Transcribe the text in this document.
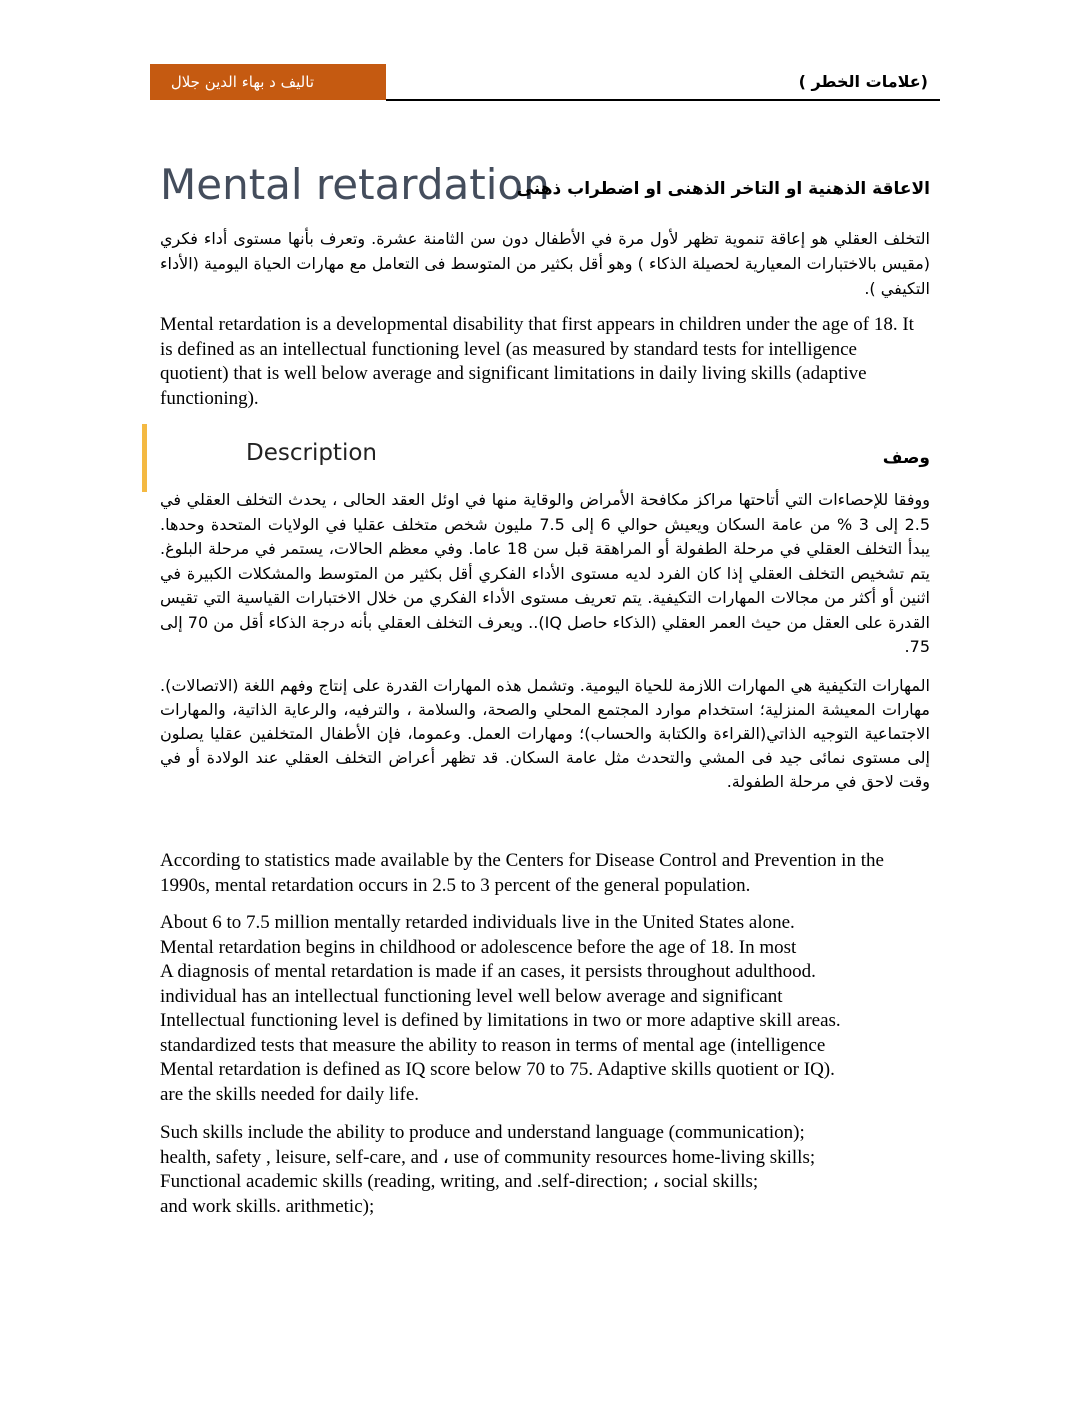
تاليف د بهاء الدين جلال	(علامات الخطر )
Mental retardation
الاعاقة الذهنية او التاخر الذهنى او اضطراب ذهنى

التخلف العقلي هو إعاقة تنموية تظهر لأول مرة في الأطفال دون سن الثامنة عشرة. وتعرف بأنها مستوى أداء فكري (مقيس بالاختبارات المعيارية لحصيلة الذكاء ) وهو أقل بكثير من المتوسط فى التعامل مع مهارات الحياة اليومية (الأداء التكيفي ).

Mental retardation is a developmental disability that first appears in children under the age of 18. It is defined as an intellectual functioning level (as measured by standard tests for intelligence quotient) that is well below average and significant limitations in daily living skills (adaptive functioning).

Description	وصف

ووفقا للإحصاءات التي أتاحتها مراكز مكافحة الأمراض والوقاية منها في اوئل العقد الحالى ، يحدث التخلف العقلي في 2.5 إلى 3 % من عامة السكان ويعيش حوالي 6 إلى 7.5 مليون شخص متخلف عقليا في الولايات المتحدة وحدها. يبدأ التخلف العقلي في مرحلة الطفولة أو المراهقة قبل سن 18 عاما. وفي معظم الحالات، يستمر في مرحلة البلوغ. يتم تشخيص التخلف العقلي إذا كان الفرد لديه مستوى الأداء الفكري أقل بكثير من المتوسط والمشكلات الكبيرة في اثنين أو أكثر من مجالات المهارات التكيفية. يتم تعريف مستوى الأداء الفكري من خلال الاختبارات القياسية التي تقيس القدرة على العقل من حيث العمر العقلي (الذكاء حاصل IQ).. ويعرف التخلف العقلي بأنه درجة الذكاء أقل من 70 إلى 75.

المهارات التكيفية هي المهارات اللازمة للحياة اليومية. وتشمل هذه المهارات القدرة على إنتاج وفهم اللغة (الاتصالات). مهارات المعيشة المنزلية؛ استخدام موارد المجتمع المحلي والصحة، والسلامة ، والترفيه، والرعاية الذاتية، والمهارات الاجتماعية التوجيه الذاتي(القراءة والكتابة والحساب)؛ ومهارات العمل. وعموما، فإن الأطفال المتخلفين عقليا يصلون إلى مستوى نمائى جيد فى المشي والتحدث مثل عامة السكان. قد تظهر أعراض التخلف العقلي عند الولادة أو في وقت لاحق في مرحلة الطفولة.

According to statistics made available by the Centers for Disease Control and Prevention in the 1990s, mental retardation occurs in 2.5 to 3 percent of the general population.

About 6 to 7.5 million mentally retarded individuals live in the United States alone.
Mental retardation begins in childhood or adolescence before the age of 18. In most
A diagnosis of mental retardation is made if an cases, it persists throughout adulthood.
individual has an intellectual functioning level well below average and significant
Intellectual functioning level is defined by limitations in two or more adaptive skill areas.
standardized tests that measure the ability to reason in terms of mental age (intelligence
Mental retardation is defined as IQ score below 70 to 75. Adaptive skills quotient or IQ).
are the skills needed for daily life.
Such skills include the ability to produce and understand language (communication);
health, safety , leisure, self-care, and ، use of community resources home-living skills;
Functional academic skills (reading, writing, and .self-direction; ، social skills;
and work skills. arithmetic);
